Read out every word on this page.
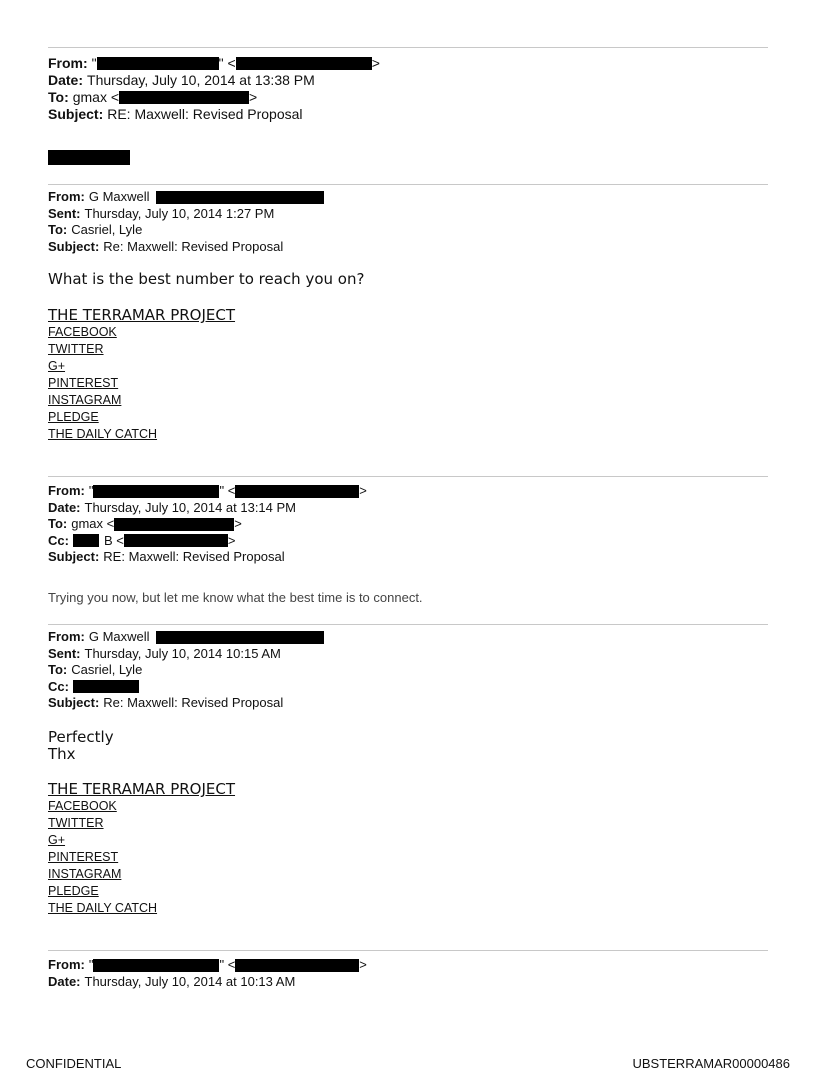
From: "	" <	>
Date: Thursday, July 10, 2014 at 13:38 PM
To: gmax <	>
Subject: RE: Maxwell: Revised Proposal
From: G Maxwell
Sent: Thursday, July 10, 2014 1:27 PM
To: Casriel, Lyle
Subject: Re: Maxwell: Revised Proposal
What is the best number to reach you on?
THE TERRAMAR PROJECT
FACEBOOK
TWITTER
G+
PINTEREST
INSTAGRAM
PLEDGE
THE DAILY CATCH
From: "	" <	>
Date: Thursday, July 10, 2014 at 13:14 PM
To: gmax <	>
Cc:	B <	>
Subject: RE: Maxwell: Revised Proposal
Trying you now, but let me know what the best time is to connect.
From: G Maxwell
Sent: Thursday, July 10, 2014 10:15 AM
To: Casriel, Lyle
Cc:
Subject: Re: Maxwell: Revised Proposal
Perfectly
Thx
THE TERRAMAR PROJECT
FACEBOOK
TWITTER
G+
PINTEREST
INSTAGRAM
PLEDGE
THE DAILY CATCH
From: "	" <	>
Date: Thursday, July 10, 2014 at 10:13 AM
CONFIDENTIAL	UBSTERRAMAR00000486
